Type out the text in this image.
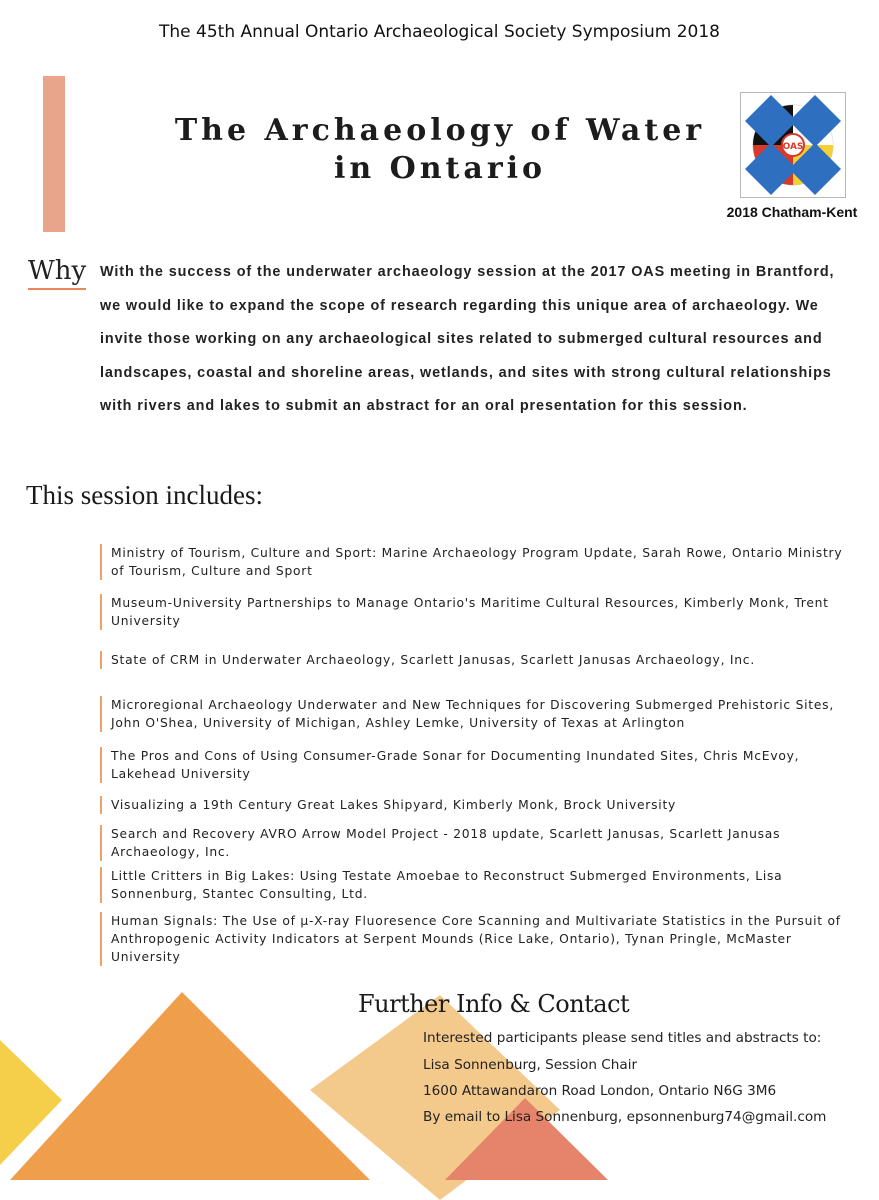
The 45th Annual Ontario Archaeological Society Symposium 2018
The Archaeology of Water
in Ontario
OAS
2018 Chatham-Kent
Why With the success of the underwater archaeology session at the 2017 OAS meeting in Brantford, we would like to expand the scope of research regarding this unique area of archaeology. We invite those working on any archaeological sites related to submerged cultural resources and landscapes, coastal and shoreline areas, wetlands, and sites with strong cultural relationships with rivers and lakes to submit an abstract for an oral presentation for this session.
This session includes:
Ministry of Tourism, Culture and Sport: Marine Archaeology Program Update, Sarah Rowe, Ontario Ministry of Tourism, Culture and Sport
Museum-University Partnerships to Manage Ontario's Maritime Cultural Resources, Kimberly Monk, Trent University
State of CRM in Underwater Archaeology, Scarlett Janusas, Scarlett Janusas Archaeology, Inc.
Microregional Archaeology Underwater and New Techniques for Discovering Submerged Prehistoric Sites, John O'Shea, University of Michigan, Ashley Lemke, University of Texas at Arlington
The Pros and Cons of Using Consumer-Grade Sonar for Documenting Inundated Sites, Chris McEvoy, Lakehead University
Visualizing a 19th Century Great Lakes Shipyard, Kimberly Monk, Brock University
Search and Recovery AVRO Arrow Model Project - 2018 update, Scarlett Janusas, Scarlett Janusas Archaeology, Inc.
Little Critters in Big Lakes: Using Testate Amoebae to Reconstruct Submerged Environments, Lisa Sonnenburg, Stantec Consulting, Ltd.
Human Signals: The Use of μ-X-ray Fluoresence Core Scanning and Multivariate Statistics in the Pursuit of Anthropogenic Activity Indicators at Serpent Mounds (Rice Lake, Ontario), Tynan Pringle, McMaster University
Further Info & Contact
Interested participants please send titles and abstracts to:
Lisa Sonnenburg, Session Chair
1600 Attawandaron Road London, Ontario N6G 3M6
By email to Lisa Sonnenburg, epsonnenburg74@gmail.com
